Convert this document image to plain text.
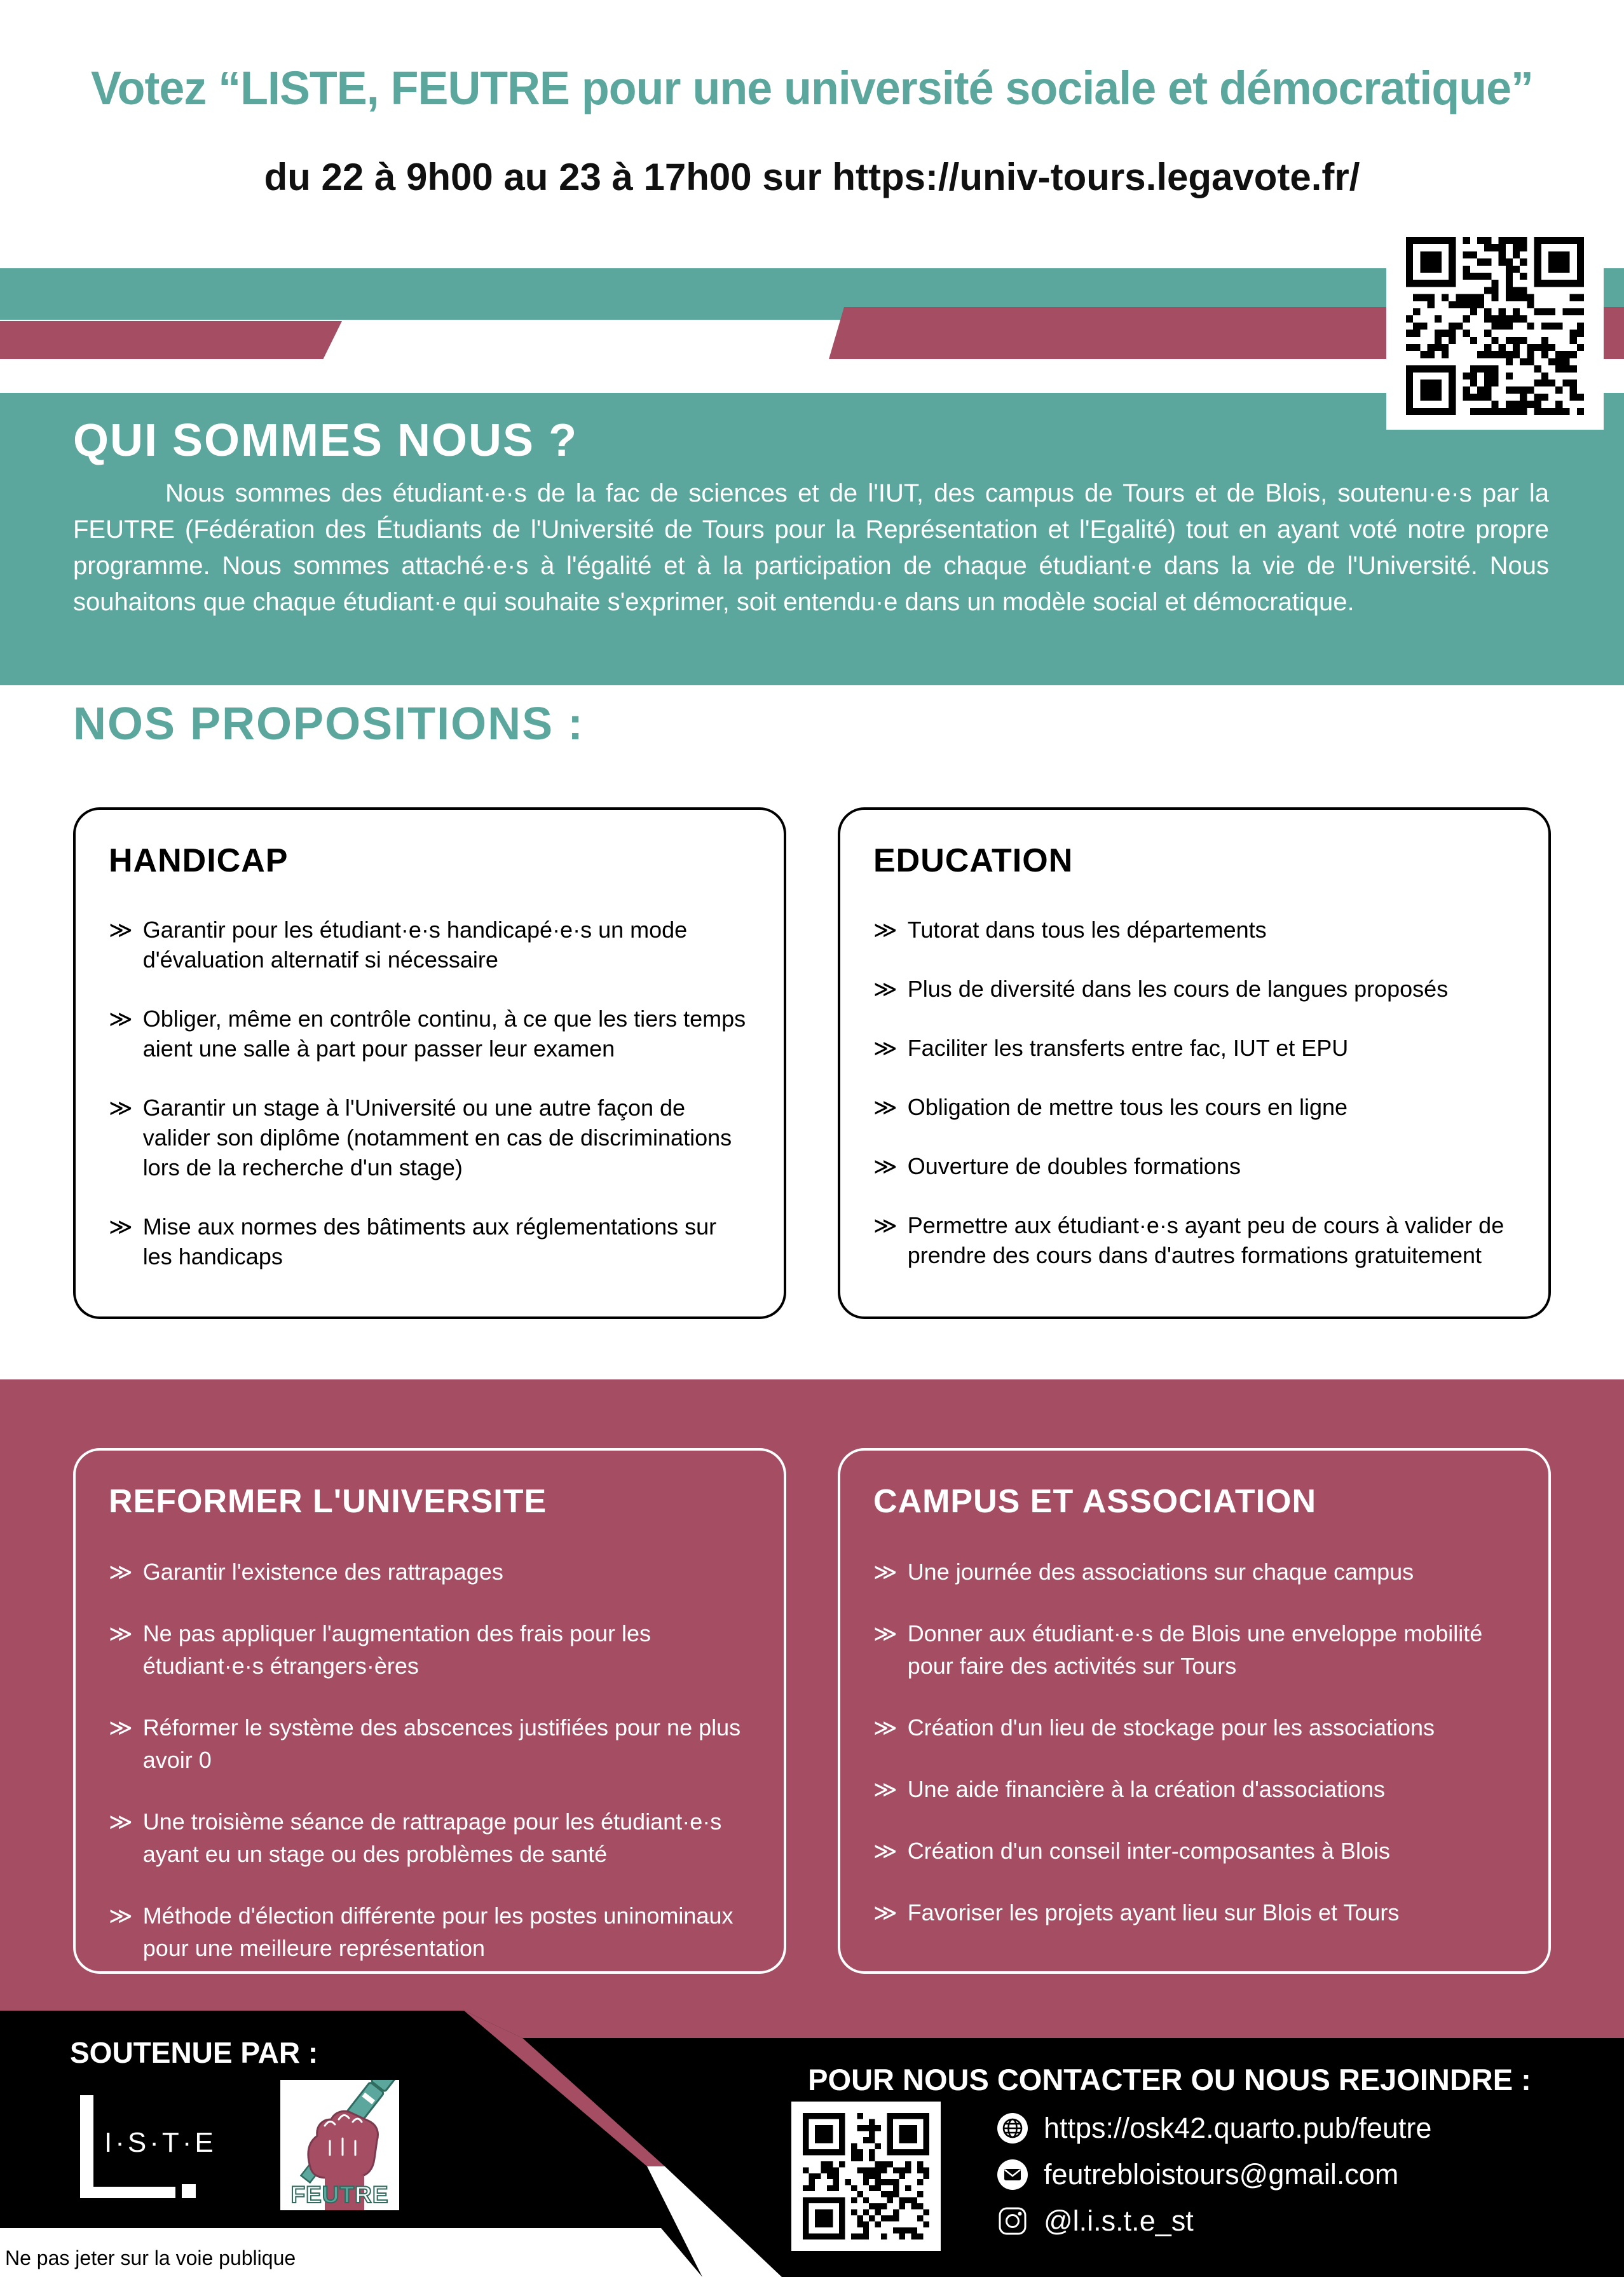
Votez “LISTE, FEUTRE pour une université sociale et démocratique”
du 22 à 9h00 au 23 à 17h00 sur https://univ-tours.legavote.fr/
QUI SOMMES NOUS ?

Nous sommes des étudiant·e·s de la fac de sciences et de l'IUT, des campus de Tours et de Blois, soutenu·e·s par la FEUTRE (Fédération des Étudiants de l'Université de Tours pour la Représentation et l'Egalité) tout en ayant voté notre propre programme. Nous sommes attaché·e·s à l'égalité et à la participation de chaque étudiant·e dans la vie de l'Université. Nous souhaitons que chaque étudiant·e qui souhaite s'exprimer, soit entendu·e dans un modèle social et démocratique.

NOS PROPOSITIONS :
HANDICAP
≫ Garantir pour les étudiant·e·s handicapé·e·s un mode d'évaluation alternatif si nécessaire
≫ Obliger, même en contrôle continu, à ce que les tiers temps aient une salle à part pour passer leur examen
≫ Garantir un stage à l'Université ou une autre façon de valider son diplôme (notamment en cas de discriminations lors de la recherche d'un stage)
≫ Mise aux normes des bâtiments aux réglementations sur les handicaps
EDUCATION
≫ Tutorat dans tous les départements
≫ Plus de diversité dans les cours de langues proposés
≫ Faciliter les transferts entre fac, IUT et EPU
≫ Obligation de mettre tous les cours en ligne
≫ Ouverture de doubles formations
≫ Permettre aux étudiant·e·s ayant peu de cours à valider de prendre des cours dans d'autres formations gratuitement
REFORMER L'UNIVERSITE
≫ Garantir l'existence des rattrapages
≫ Ne pas appliquer l'augmentation des frais pour les étudiant·e·s étrangers·ères
≫ Réformer le système des abscences justifiées pour ne plus avoir 0
≫ Une troisième séance de rattrapage pour les étudiant·e·s ayant eu un stage ou des problèmes de santé
≫ Méthode d'élection différente pour les postes uninominaux pour une meilleure représentation
CAMPUS ET ASSOCIATION
≫ Une journée des associations sur chaque campus
≫ Donner aux étudiant·e·s de Blois une enveloppe mobilité pour faire des activités sur Tours
≫ Création d'un lieu de stockage pour les associations
≫ Une aide financière à la création d'associations
≫ Création d'un conseil inter-composantes à Blois
≫ Favoriser les projets ayant lieu sur Blois et Tours
SOUTENUE PAR :
I·S·T·E
FEUTRE
POUR NOUS CONTACTER OU NOUS REJOINDRE :
https://osk42.quarto.pub/feutre
feutrebloistours@gmail.com
@l.i.s.t.e_st
Ne pas jeter sur la voie publique
